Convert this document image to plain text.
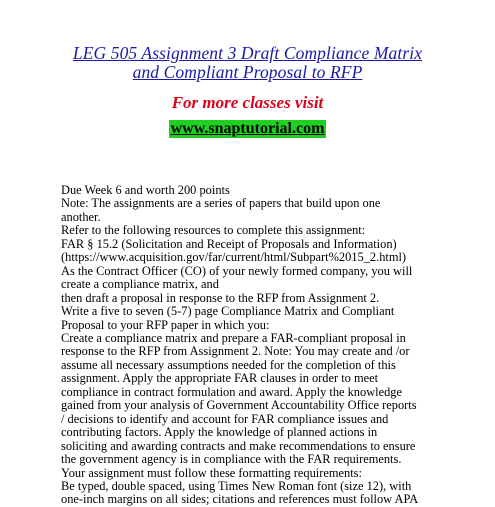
LEG 505 Assignment 3 Draft Compliance Matrix
and Compliant Proposal to RFP
For more classes visit
www.snaptutorial.com
Due Week 6 and worth 200 points
Note: The assignments are a series of papers that build upon one
another.
Refer to the following resources to complete this assignment:
FAR § 15.2 (Solicitation and Receipt of Proposals and Information)
(https://www.acquisition.gov/far/current/html/Subpart%2015_2.html)
As the Contract Officer (CO) of your newly formed company, you will
create a compliance matrix, and
then draft a proposal in response to the RFP from Assignment 2.
Write a five to seven (5-7) page Compliance Matrix and Compliant
Proposal to your RFP paper in which you:
Create a compliance matrix and prepare a FAR-compliant proposal in
response to the RFP from Assignment 2. Note: You may create and /or
assume all necessary assumptions needed for the completion of this
assignment. Apply the appropriate FAR clauses in order to meet
compliance in contract formulation and award. Apply the knowledge
gained from your analysis of Government Accountability Office reports
/ decisions to identify and account for FAR compliance issues and
contributing factors. Apply the knowledge of planned actions in
soliciting and awarding contracts and make recommendations to ensure
the government agency is in compliance with the FAR requirements.
Your assignment must follow these formatting requirements:
Be typed, double spaced, using Times New Roman font (size 12), with
one-inch margins on all sides; citations and references must follow APA
